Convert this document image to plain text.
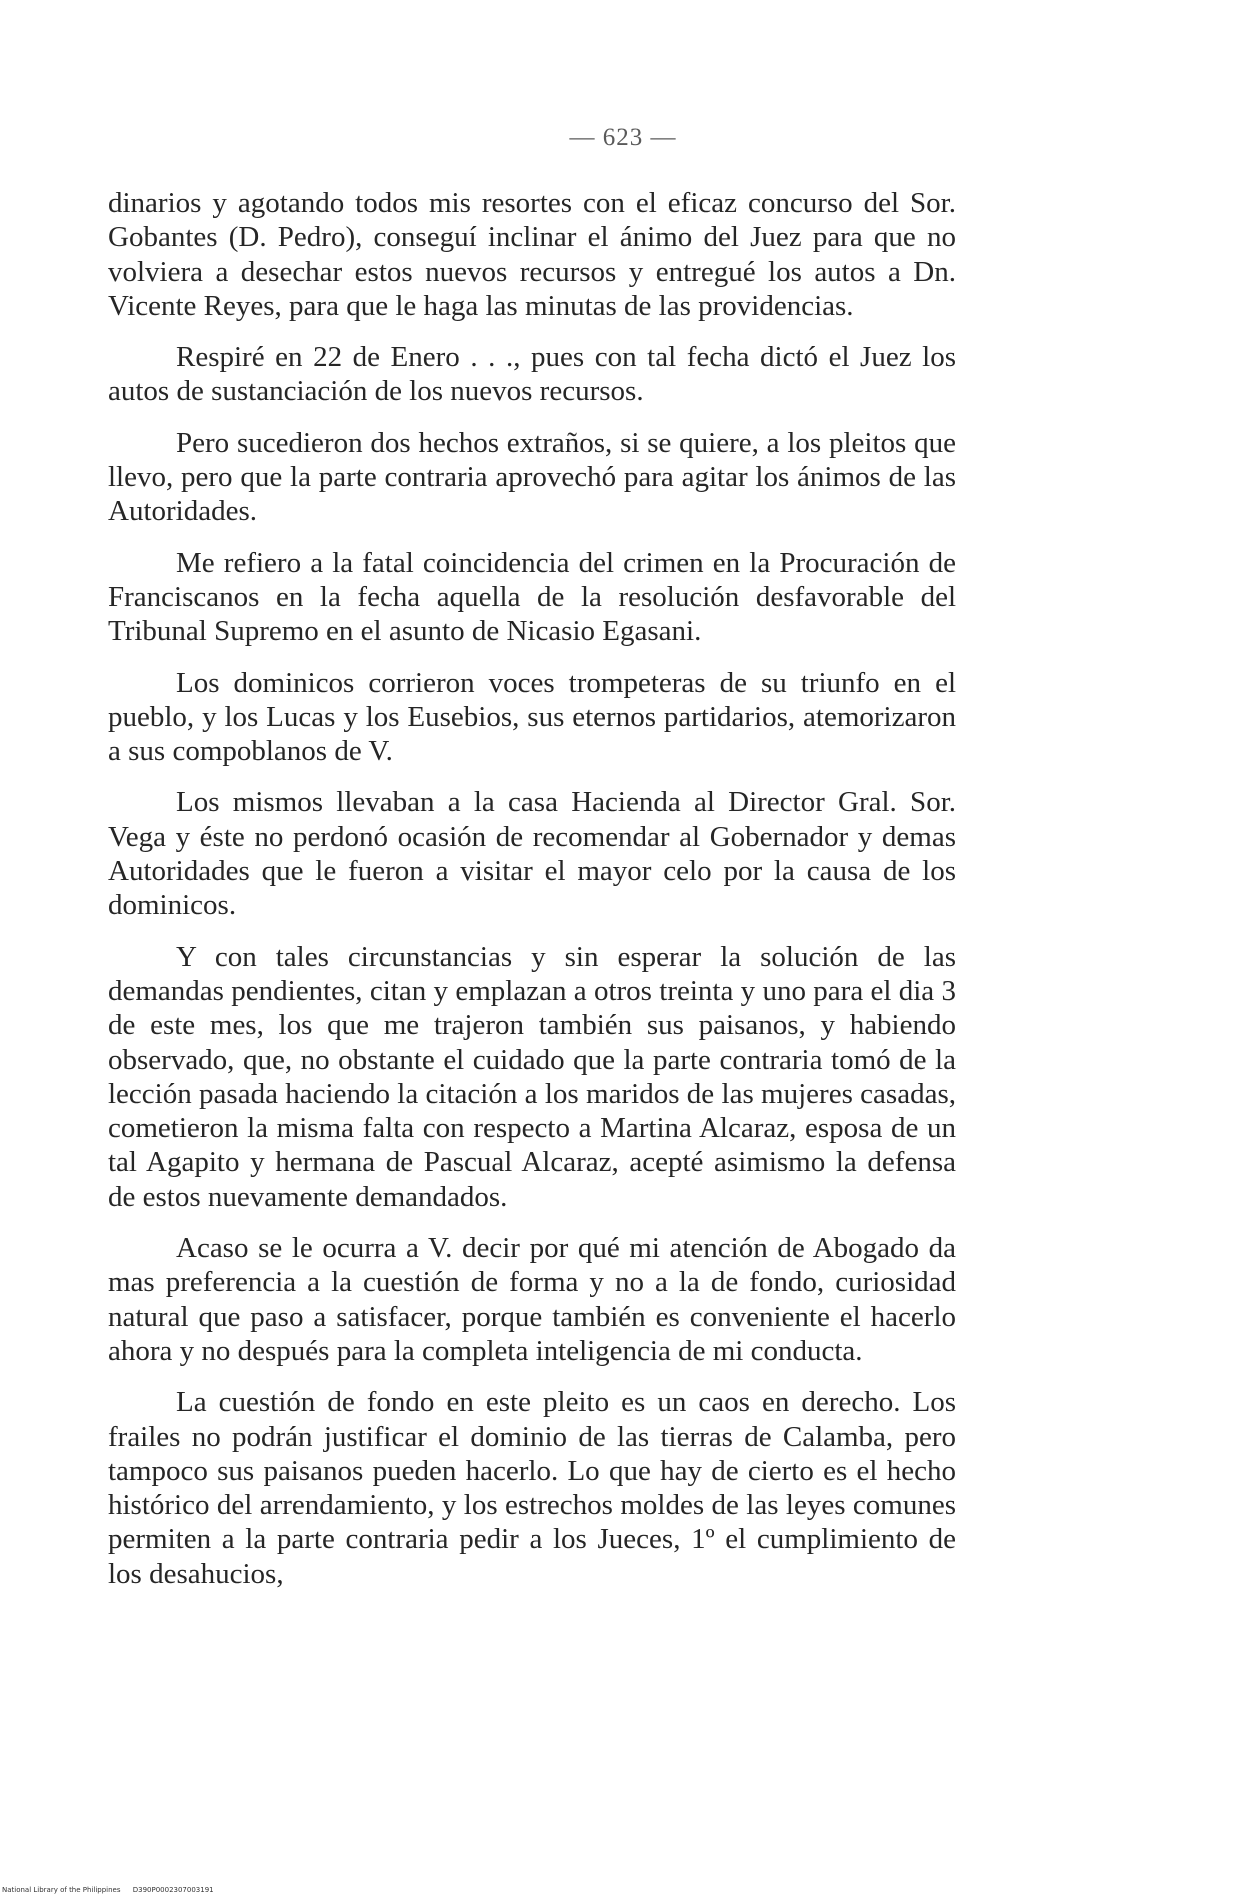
— 623 —

dinarios y agotando todos mis resortes con el eficaz concurso del Sor. Gobantes (D. Pedro), conseguí inclinar el ánimo del Juez para que no volviera a desechar estos nuevos recursos y entregué los autos a Dn. Vicente Reyes, para que le haga las minutas de las providencias.

Respiré en 22 de Enero . . ., pues con tal fecha dictó el Juez los autos de sustanciación de los nuevos recursos.

Pero sucedieron dos hechos extraños, si se quiere, a los pleitos que llevo, pero que la parte contraria aprovechó para agitar los ánimos de las Autoridades.

Me refiero a la fatal coincidencia del crimen en la Procuración de Franciscanos en la fecha aquella de la resolución desfavorable del Tribunal Supremo en el asunto de Nicasio Egasani.

Los dominicos corrieron voces trompeteras de su triunfo en el pueblo, y los Lucas y los Eusebios, sus eternos partidarios, atemorizaron a sus compoblanos de V.

Los mismos llevaban a la casa Hacienda al Director Gral. Sor. Vega y éste no perdonó ocasión de recomendar al Gobernador y demas Autoridades que le fueron a visitar el mayor celo por la causa de los dominicos.

Y con tales circunstancias y sin esperar la solución de las demandas pendientes, citan y emplazan a otros treinta y uno para el dia 3 de este mes, los que me trajeron también sus paisanos, y habiendo observado, que, no obstante el cuidado que la parte contraria tomó de la lección pasada haciendo la citación a los maridos de las mujeres casadas, cometieron la misma falta con respecto a Martina Alcaraz, esposa de un tal Agapito y hermana de Pascual Alcaraz, acepté asimismo la defensa de estos nuevamente demandados.

Acaso se le ocurra a V. decir por qué mi atención de Abogado da mas preferencia a la cuestión de forma y no a la de fondo, curiosidad natural que paso a satisfacer, porque también es conveniente el hacerlo ahora y no después para la completa inteligencia de mi conducta.

La cuestión de fondo en este pleito es un caos en derecho. Los frailes no podrán justificar el dominio de las tierras de Calamba, pero tampoco sus paisanos pueden hacerlo. Lo que hay de cierto es el hecho histórico del arrendamiento, y los estrechos moldes de las leyes comunes permiten a la parte contraria pedir a los Jueces, 1º el cumplimiento de los desahucios,

National Library of the Philippines D390P0002307003191
